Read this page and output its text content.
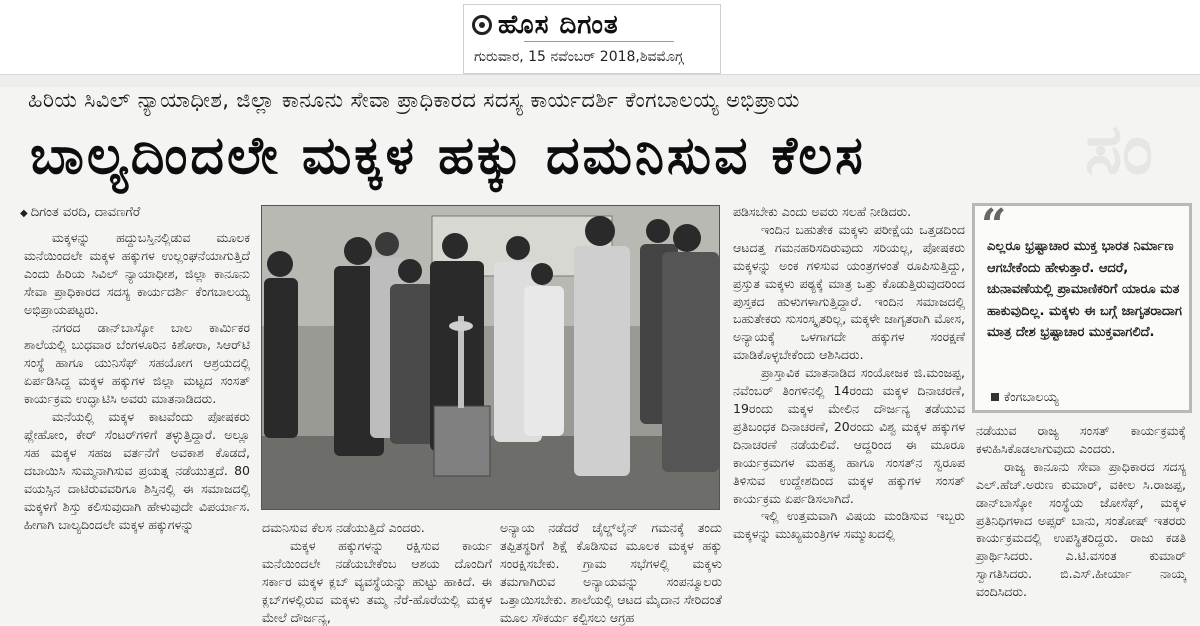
ಹೊಸ ದಿಗಂತ
ಗುರುವಾರ, 15 ನವೆಂಬರ್ 2018,ಶಿವಮೊಗ್ಗ
ಹಿರಿಯ ಸಿವಿಲ್ ನ್ಯಾಯಾಧೀಶ, ಜಿಲ್ಲಾ ಕಾನೂನು ಸೇವಾ ಪ್ರಾಧಿಕಾರದ ಸದಸ್ಯ ಕಾರ್ಯದರ್ಶಿ ಕೆಂಗಬಾಲಯ್ಯ ಅಭಿಪ್ರಾಯ
ಬಾಲ್ಯದಿಂದಲೇ ಮಕ್ಕಳ ಹಕ್ಕು ದಮನಿಸುವ ಕೆಲಸ	ಸಂ
◆ ದಿಗಂತ ವರದಿ, ದಾವಣಗೆರೆ

ಮಕ್ಕಳನ್ನು ಹದ್ದುಬಸ್ತಿನಲ್ಲಿಡುವ ಮೂಲಕ ಮನೆಯಿಂದಲೇ ಮಕ್ಕಳ ಹಕ್ಕುಗಳ ಉಲ್ಲಂಘನೆಯಾಗುತ್ತಿದೆ ಎಂದು ಹಿರಿಯ ಸಿವಿಲ್ ನ್ಯಾಯಾಧೀಶ, ಜಿಲ್ಲಾ ಕಾನೂನು ಸೇವಾ ಪ್ರಾಧಿಕಾರದ ಸದಸ್ಯ ಕಾರ್ಯದರ್ಶಿ ಕೆಂಗಬಾಲಯ್ಯ ಅಭಿಪ್ರಾಯಪಟ್ಟರು.

ನಗರದ ಡಾನ್‌ಬಾಸ್ಕೋ ಬಾಲ ಕಾರ್ಮಿಕರ ಶಾಲೆಯಲ್ಲಿ ಬುಧವಾರ ಬೆಂಗಳೂರಿನ ಕಿಶೋರಾ, ಸಿಆರ್‌ಟಿ ಸಂಸ್ಥೆ ಹಾಗೂ ಯುನಿಸೆಫ್ ಸಹಯೋಗ ಆಶ್ರಯದಲ್ಲಿ ಏರ್ಪಡಿಸಿದ್ದ ಮಕ್ಕಳ ಹಕ್ಕುಗಳ ಜಿಲ್ಲಾ ಮಟ್ಟದ ಸಂಸತ್ ಕಾರ್ಯಕ್ರಮ ಉದ್ಘಾಟಿಸಿ ಅವರು ಮಾತನಾಡಿದರು.

ಮನೆಯಲ್ಲಿ ಮಕ್ಕಳ ಕಾಟವೆಂದು ಪೋಷಕರು ಪ್ಲೇಹೋಂ, ಕೇರ್ ಸೆಂಟರ್‌ಗಳಿಗೆ ತಳ್ಳುತ್ತಿದ್ದಾರೆ. ಅಲ್ಲೂ ಸಹ ಮಕ್ಕಳ ಸಹಜ ವರ್ತನೆಗೆ ಅವಕಾಶ ಕೊಡದೆ, ದಬಾಯಿಸಿ ಸುಮ್ಮನಾಗಿಸುವ ಪ್ರಯತ್ನ ನಡೆಯುತ್ತದೆ. 80 ವಯಸ್ಸಿನ ದಾಟಿರುವವರಿಗೂ ಶಿಸ್ತಿನಲ್ಲಿ ಈ ಸಮಾಜದಲ್ಲಿ ಮಕ್ಕಳಿಗೆ ಶಿಸ್ತು ಕಲಿಸುವುದಾಗಿ ಹೇಳುವುದೇ ವಿಪರ್ಯಾಸ. ಹೀಗಾಗಿ ಬಾಲ್ಯದಿಂದಲೇ ಮಕ್ಕಳ ಹಕ್ಕುಗಳನ್ನು	ದಮನಿಸುವ ಕೆಲಸ ನಡೆಯುತ್ತಿದೆ ಎಂದರು.

ಮಕ್ಕಳ ಹಕ್ಕುಗಳನ್ನು ರಕ್ಷಿಸುವ ಕಾರ್ಯ ಮನೆಯಿಂದಲೇ ನಡೆಯಬೇಕೆಂಬ ಆಶಯ ದೊಂದಿಗೆ ಸರ್ಕಾರ ಮಕ್ಕಳ ಕ್ಲಬ್ ವ್ಯವಸ್ಥೆಯನ್ನು ಹುಟ್ಟು ಹಾಕಿದೆ. ಈ ಕ್ಲಬ್‌ಗಳಲ್ಲಿರುವ ಮಕ್ಕಳು ತಮ್ಮ ನೆರೆ-ಹೊರೆಯಲ್ಲಿ ಮಕ್ಕಳ ಮೇಲೆ ದೌರ್ಜನ್ಯ,

ಅನ್ಯಾಯ ನಡೆದರೆ ಚೈಲ್ಡ್‌ಲೈನ್ ಗಮನಕ್ಕೆ ತಂದು ತಪ್ಪಿತಸ್ಥರಿಗೆ ಶಿಕ್ಷೆ ಕೊಡಿಸುವ ಮೂಲಕ ಮಕ್ಕಳ ಹಕ್ಕು ಸಂರಕ್ಷಿಸಬೇಕು. ಗ್ರಾಮ ಸಭೆಗಳಲ್ಲಿ ಮಕ್ಕಳು ತಮಗಾಗಿರುವ ಅನ್ಯಾಯವನ್ನು ಸಂಪನ್ಮೂಲರು ಒತ್ತಾಯಿಸಬೇಕು. ಶಾಲೆಯಲ್ಲಿ ಆಟದ ಮೈದಾನ ಸೇರಿದಂತೆ ಮೂಲ ಸೌಕರ್ಯ ಕಲ್ಪಿಸಲು ಆಗ್ರಹ

ಪಡಿಸಬೇಕು ಎಂದು ಅವರು ಸಲಹೆ ನೀಡಿದರು.

ಇಂದಿನ ಬಹುತೇಕ ಮಕ್ಕಳು ಪರೀಕ್ಷೆಯ ಒತ್ತಡದಿಂದ ಆಟದತ್ತ ಗಮನಹರಿಸದಿರುವುದು ಸರಿಯಲ್ಲ, ಪೋಷಕರು ಮಕ್ಕಳನ್ನು ಅಂಕ ಗಳಿಸುವ ಯಂತ್ರಗಳಂತೆ ರೂಪಿಸುತ್ತಿದ್ದು, ಪ್ರಸ್ತುತ ಮಕ್ಕಳು ಪಠ್ಯಕ್ಕೆ ಮಾತ್ರ ಒತ್ತು ಕೊಡುತ್ತಿರುವುದರಿಂದ ಪುಸ್ತಕದ ಹುಳುಗಳಾಗುತ್ತಿದ್ದಾರೆ. ಇಂದಿನ ಸಮಾಜದಲ್ಲಿ ಬಹುತೇಕರು ಸುಸಂಸ್ಕೃತರಿಲ್ಲ, ಮಕ್ಕಳೇ ಜಾಗೃತರಾಗಿ ಮೋಸ, ಅನ್ಯಾಯಕ್ಕೆ ಒಳಗಾಗದೇ ಹಕ್ಕುಗಳ ಸಂರಕ್ಷಣೆ ಮಾಡಿಕೊಳ್ಳಬೇಕೆಂದು ಆಶಿಸಿದರು.

ಪ್ರಾಸ್ತಾವಿಕ ಮಾತನಾಡಿದ ಸಂಯೋಜಕ ಜಿ.ಮಂಜಪ್ಪ, ನವೆಂಬರ್ ತಿಂಗಳಿನಲ್ಲಿ 14ರಂದು ಮಕ್ಕಳ ದಿನಾಚರಣೆ, 19ರಂದು ಮಕ್ಕಳ ಮೇಲಿನ ದೌರ್ಜನ್ಯ ತಡೆಯುವ ಪ್ರತಿಬಂಧಕ ದಿನಾಚರಣೆ, 20ರಂದು ವಿಶ್ವ ಮಕ್ಕಳ ಹಕ್ಕುಗಳ ದಿನಾಚರಣೆ ನಡೆಯಲಿವೆ. ಆದ್ದರಿಂದ ಈ ಮೂರೂ ಕಾರ್ಯಕ್ರಮಗಳ ಮಹತ್ವ ಹಾಗೂ ಸಂಸತ್‌ನ ಸ್ವರೂಪ ತಿಳಿಸುವ ಉದ್ದೇಶದಿಂದ ಮಕ್ಕಳ ಹಕ್ಕುಗಳ ಸಂಸತ್ ಕಾರ್ಯಕ್ರಮ ಏರ್ಪಡಿಸಲಾಗಿದೆ.

ಇಲ್ಲಿ ಉತ್ತಮವಾಗಿ ವಿಷಯ ಮಂಡಿಸುವ ಇಬ್ಬರು ಮಕ್ಕಳನ್ನು ಮುಖ್ಯಮಂತ್ರಿಗಳ ಸಮ್ಮುಖದಲ್ಲಿ

“
ಎಲ್ಲರೂ ಭ್ರಷ್ಟಾಚಾರ ಮುಕ್ತ ಭಾರತ ನಿರ್ಮಾಣ ಆಗಬೇಕೆಂದು ಹೇಳುತ್ತಾರೆ. ಆದರೆ, ಚುನಾವಣೆಯಲ್ಲಿ ಪ್ರಾಮಾಣಿಕರಿಗೆ ಯಾರೂ ಮತ ಹಾಕುವುದಿಲ್ಲ. ಮಕ್ಕಳು ಈ ಬಗ್ಗೆ ಜಾಗೃತರಾದಾಗ ಮಾತ್ರ ದೇಶ ಭ್ರಷ್ಟಾಚಾರ ಮುಕ್ತವಾಗಲಿದೆ.
ಕೆಂಗಬಾಲಯ್ಯ

ನಡೆಯುವ ರಾಜ್ಯ ಸಂಸತ್ ಕಾರ್ಯಕ್ರಮಕ್ಕೆ ಕಳುಹಿಸಿಕೊಡಲಾಗುವುದು ಎಂದರು.

ರಾಜ್ಯ ಕಾನೂನು ಸೇವಾ ಪ್ರಾಧಿಕಾರದ ಸದಸ್ಯ ಎಲ್.ಹೆಚ್.ಅರುಣ ಕುಮಾರ್, ವಕೀಲ ಸಿ.ರಾಜಪ್ಪ, ಡಾನ್‌ಬಾಸ್ಕೋ ಸಂಸ್ಥೆಯ ಜೋಸೆಫ್, ಮಕ್ಕಳ ಪ್ರತಿನಿಧಿಗಳಾದ ಅಪ್ಸರ್ ಬಾನು, ಸಂತೋಷ್ ಇತರರು ಕಾರ್ಯಕ್ರಮದಲ್ಲಿ ಉಪಸ್ಥಿತರಿದ್ದರು. ರಾಜು ಕಡತಿ ಪ್ರಾರ್ಥಿಸಿದರು. ಎ.ಟಿ.ವಸಂತ ಕುಮಾರ್ ಸ್ವಾಗತಿಸಿದರು. ಬಿ.ಎಸ್.ಹೀರ್ಯಾ ನಾಯ್ಕ ವಂದಿಸಿದರು.
